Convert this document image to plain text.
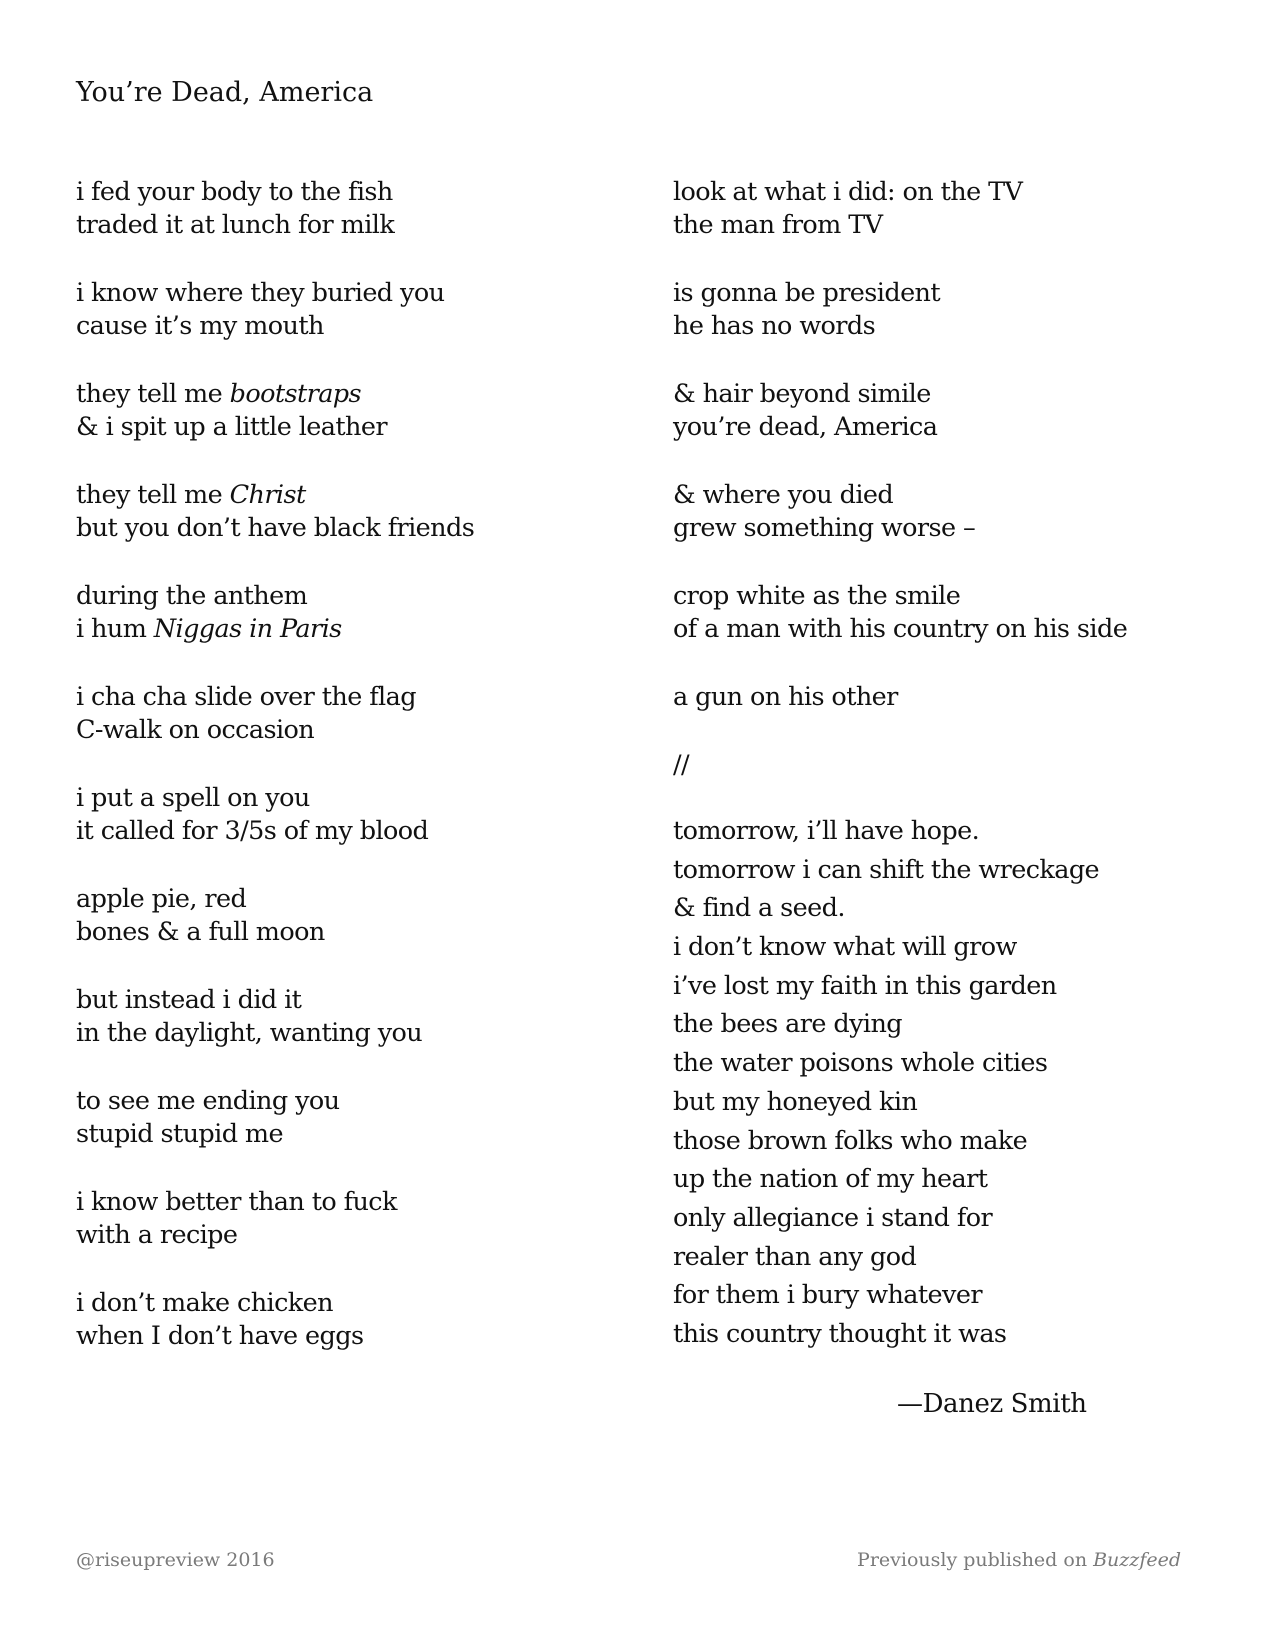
You’re Dead, America
i fed your body to the fish
traded it at lunch for milk
i know where they buried you
cause it’s my mouth
they tell me bootstraps
& i spit up a little leather
they tell me Christ
but you don’t have black friends
during the anthem
i hum Niggas in Paris
i cha cha slide over the flag
C-walk on occasion
i put a spell on you
it called for 3/5s of my blood
apple pie, red
bones & a full moon
but instead i did it
in the daylight, wanting you
to see me ending you
stupid stupid me
i know better than to fuck
with a recipe
i don’t make chicken
when I don’t have eggs
look at what i did: on the TV
the man from TV
is gonna be president
he has no words
& hair beyond simile
you’re dead, America
& where you died
grew something worse –
crop white as the smile
of a man with his country on his side
a gun on his other
//
tomorrow, i’ll have hope.
tomorrow i can shift the wreckage
& find a seed.
i don’t know what will grow
i’ve lost my faith in this garden
the bees are dying
the water poisons whole cities
but my honeyed kin
those brown folks who make
up the nation of my heart
only allegiance i stand for
realer than any god
for them i bury whatever
this country thought it was
—Danez Smith
@riseupreview 2016	Previously published on Buzzfeed
